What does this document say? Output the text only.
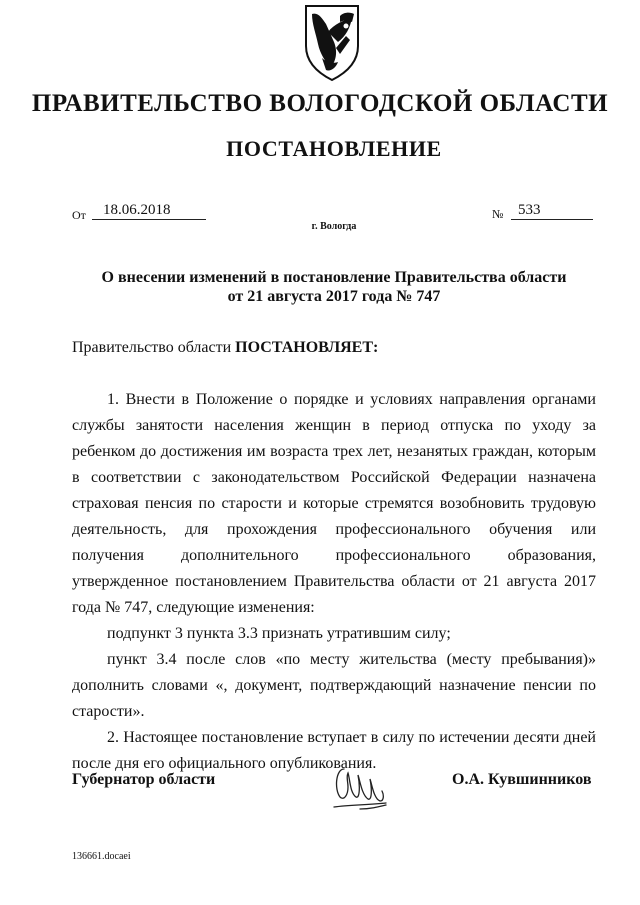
ПРАВИТЕЛЬСТВО ВОЛОГОДСКОЙ ОБЛАСТИ
ПОСТАНОВЛЕНИЕ
От 18.06.2018	№ 533
г. Вологда
О внесении изменений в постановление Правительства области
от 21 августа 2017 года № 747
Правительство области ПОСТАНОВЛЯЕТ:

1. Внести в Положение о порядке и условиях направления органами службы занятости населения женщин в период отпуска по уходу за ребенком до достижения им возраста трех лет, незанятых граждан, которым в соответствии с законодательством Российской Федерации назначена страховая пенсия по старости и которые стремятся возобновить трудовую деятельность, для прохождения профессионального обучения или получения дополнительного профессионального образования, утвержденное постановлением Правительства области от 21 августа 2017 года № 747, следующие изменения:

подпункт 3 пункта 3.3 признать утратившим силу;

пункт 3.4 после слов «по месту жительства (месту пребывания)» дополнить словами «, документ, подтверждающий назначение пенсии по старости».

2. Настоящее постановление вступает в силу по истечении десяти дней после дня его официального опубликования.

Губернатор области	О.А. Кувшинников
136661.docaei
